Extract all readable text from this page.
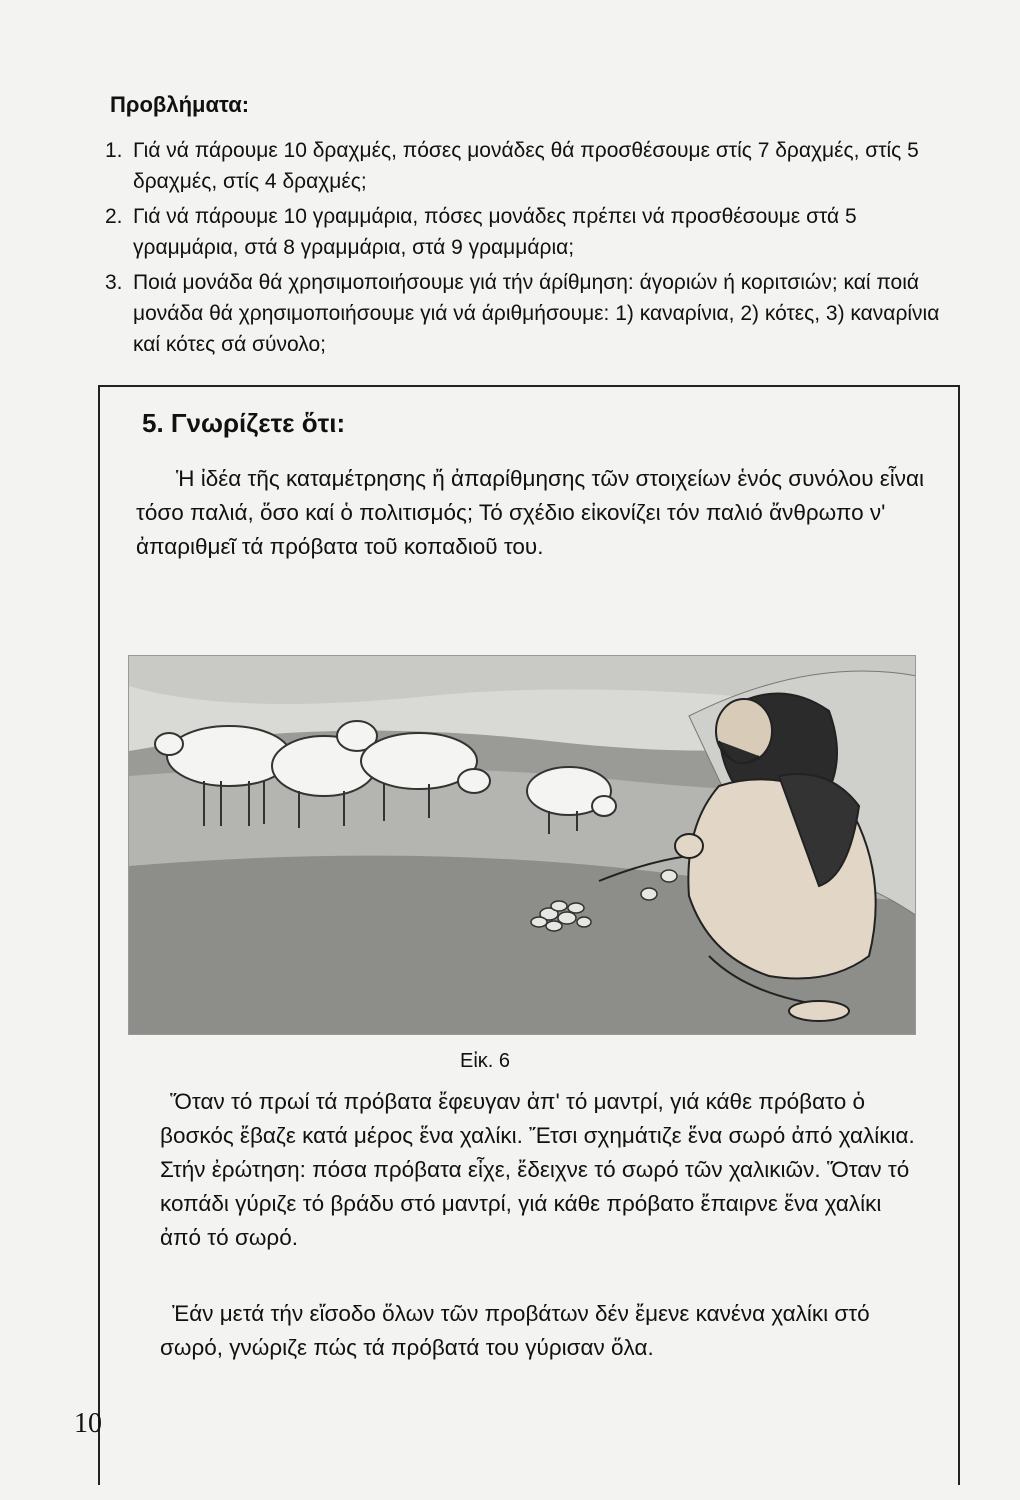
Προβλήματα:

1. Γιά νά πάρουμε 10 δραχμές, πόσες μονάδες θά προσθέσουμε στίς 7 δραχμές, στίς 5 δραχμές, στίς 4 δραχμές;

2. Γιά νά πάρουμε 10 γραμμάρια, πόσες μονάδες πρέπει νά προσθέσουμε στά 5 γραμμάρια, στά 8 γραμμάρια, στά 9 γραμμάρια;

3. Ποιά μονάδα θά χρησιμοποιήσουμε γιά τήν άρίθμηση: άγοριών ή κοριτσιών; καί ποιά μονάδα θά χρησιμοποιήσουμε γιά νά άριθμήσουμε: 1) καναρίνια, 2) κότες, 3) καναρίνια καί κότες σά σύνολο;

5. Γνωρίζετε ὅτι:

Ἡ ἰδέα τῆς καταμέτρησης ἤ ἀπαρίθμησης τῶν στοιχείων ἑνός συνόλου εἶναι τόσο παλιά, ὅσο καί ὁ πολιτισμός; Τό σχέδιο εἰκονίζει τόν παλιό ἄνθρωπο ν' ἀπαριθμεῖ τά πρόβατα τοῦ κοπαδιοῦ του.

Εἰκ. 6

Ὅταν τό πρωί τά πρόβατα ἔφευγαν ἀπ' τό μαντρί, γιά κάθε πρόβατο ὁ βοσκός ἔβαζε κατά μέρος ἕνα χαλίκι. Ἔτσι σχημάτιζε ἕνα σωρό ἀπό χαλίκια. Στήν ἐρώτηση: πόσα πρόβατα εἶχε, ἔδειχνε τό σωρό τῶν χαλικιῶν. Ὅταν τό κοπάδι γύριζε τό βράδυ στό μαντρί, γιά κάθε πρόβατο ἔπαιρνε ἕνα χαλίκι ἀπό τό σωρό.

Ἐάν μετά τήν εἴσοδο ὅλων τῶν προβάτων δέν ἔμενε κανένα χαλίκι στό σωρό, γνώριζε πώς τά πρόβατά του γύρισαν ὅλα.

10
